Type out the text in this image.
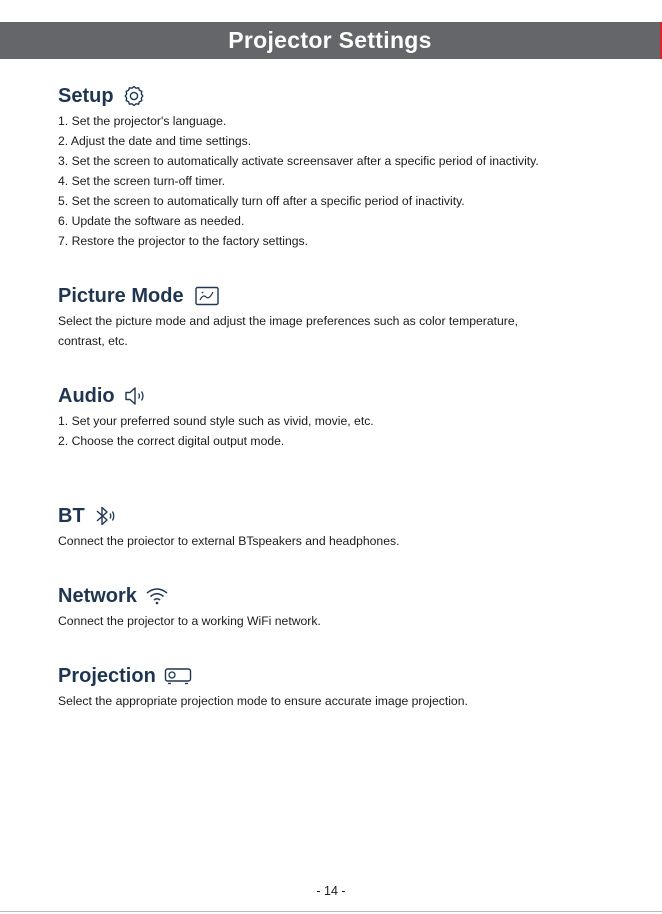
Projector Settings
Setup
1. Set the projector's language.
2. Adjust the date and time settings.
3. Set the screen to automatically activate screensaver after a specific period of inactivity.
4. Set the screen turn-off timer.
5. Set the screen to automatically turn off after a specific period of inactivity.
6. Update the software as needed.
7. Restore the projector to the factory settings.
Picture Mode
Select the picture mode and adjust the image preferences such as color temperature,
contrast, etc.
Audio
1. Set your preferred sound style such as vivid, movie, etc.
2. Choose the correct digital output mode.
BT
Connect the proiector to external BTspeakers and headphones.
Network
Connect the projector to a working WiFi network.
Projection
Select the appropriate projection mode to ensure accurate image projection.
- 14 -
